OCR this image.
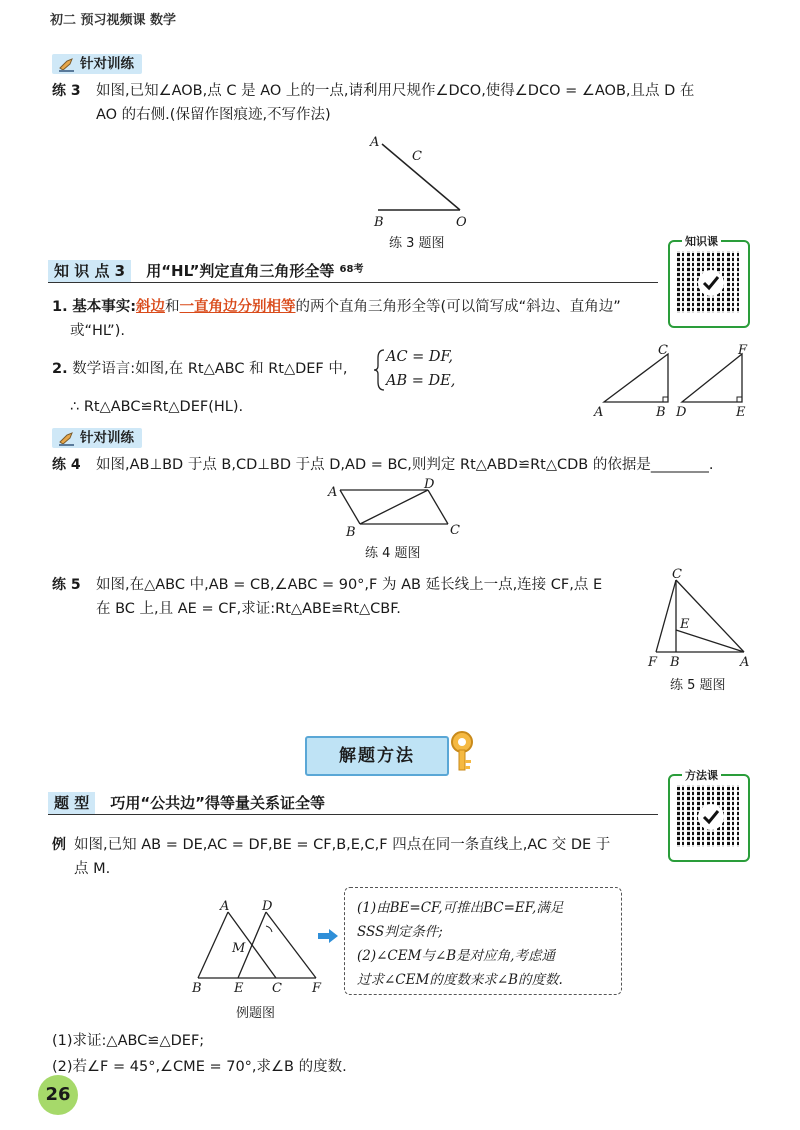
初二 预习视频课 数学
针对训练
练 3 如图,已知∠AOB,点 C 是 AO 上的一点,请利用尺规作∠DCO,使得∠DCO = ∠AOB,且点 D 在
AO 的右侧.(保留作图痕迹,不写作法)
A
C
B	O
练 3 题图
知 识 点 3 用“HL”判定直角三角形全等 $^{68考}$
知识课
1. 基本事实:斜边和一直角边分别相等的两个直角三角形全等(可以简写成“斜边、直角边”
或“HL”).
2. 数学语言:如图,在 Rt△ABC 和 Rt△DEF 中,
AC = DF,
AB = DE,
∴ Rt△ABC≌Rt△DEF(HL).	A	B
C
D	E
F
针对训练
练 4 如图,AB⊥BD 于点 B,CD⊥BD 于点 D,AD = BC,则判定 Rt△ABD≌Rt△CDB 的依据是________.
A
B	C
D
练 4 题图
练 5 如图,在△ABC 中,AB = CB,∠ABC = 90°,F 为 AB 延长线上一点,连接 CF,点 E
在 BC 上,且 AE = CF,求证:Rt△ABE≌Rt△CBF.
C
E
F B	A
练 5 题图
解题方法
题 型 巧用“公共边”得等量关系证全等
方法课
例 如图,已知 AB = DE,AC = DF,BE = CF,B,E,C,F 四点在同一条直线上,AC 交 DE 于
点 M.
A	D
M
B E C F
例题图
(1)由BE=CF,可推出BC=EF,满足
SSS判定条件;
(2)∠CEM与∠B是对应角,考虑通
过求∠CEM的度数来求∠B的度数.
(1)求证:△ABC≌△DEF;
(2)若∠F = 45°,∠CME = 70°,求∠B 的度数.
26
